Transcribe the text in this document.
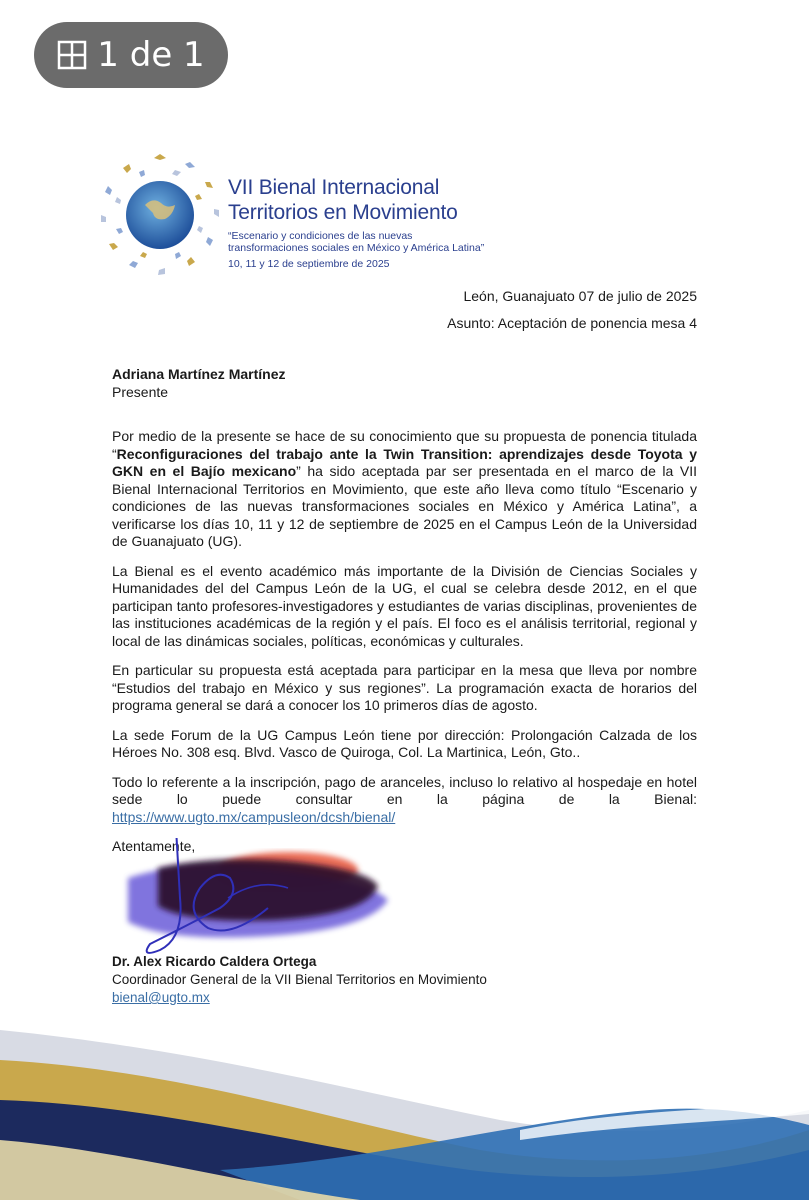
1 de 1
VII Bienal Internacional
Territorios en Movimiento
“Escenario y condiciones de las nuevas transformaciones sociales en México y América Latina”
10, 11 y 12 de septiembre de 2025
León, Guanajuato 07 de julio de 2025
Asunto: Aceptación de ponencia mesa 4
Adriana Martínez Martínez
Presente

Por medio de la presente se hace de su conocimiento que su propuesta de ponencia titulada “Reconfiguraciones del trabajo ante la Twin Transition: aprendizajes desde Toyota y GKN en el Bajío mexicano” ha sido aceptada par ser presentada en el marco de la VII Bienal Internacional Territorios en Movimiento, que este año lleva como título “Escenario y condiciones de las nuevas transformaciones sociales en México y América Latina”, a verificarse los días 10, 11 y 12 de septiembre de 2025 en el Campus León de la Universidad de Guanajuato (UG).

La Bienal es el evento académico más importante de la División de Ciencias Sociales y Humanidades del del Campus León de la UG, el cual se celebra desde 2012, en el que participan tanto profesores-investigadores y estudiantes de varias disciplinas, provenientes de las instituciones académicas de la región y el país. El foco es el análisis territorial, regional y local de las dinámicas sociales, políticas, económicas y culturales.

En particular su propuesta está aceptada para participar en la mesa que lleva por nombre “Estudios del trabajo en México y sus regiones”. La programación exacta de horarios del programa general se dará a conocer los 10 primeros días de agosto.

La sede Forum de la UG Campus León tiene por dirección: Prolongación Calzada de los Héroes No. 308 esq. Blvd. Vasco de Quiroga, Col. La Martinica, León, Gto..

Todo lo referente a la inscripción, pago de aranceles, incluso lo relativo al hospedaje en hotel sede lo puede consultar en la página de la Bienal: https://www.ugto.mx/campusleon/dcsh/bienal/

Atentamente,

Dr. Alex Ricardo Caldera Ortega
Coordinador General de la VII Bienal Territorios en Movimiento
bienal@ugto.mx
